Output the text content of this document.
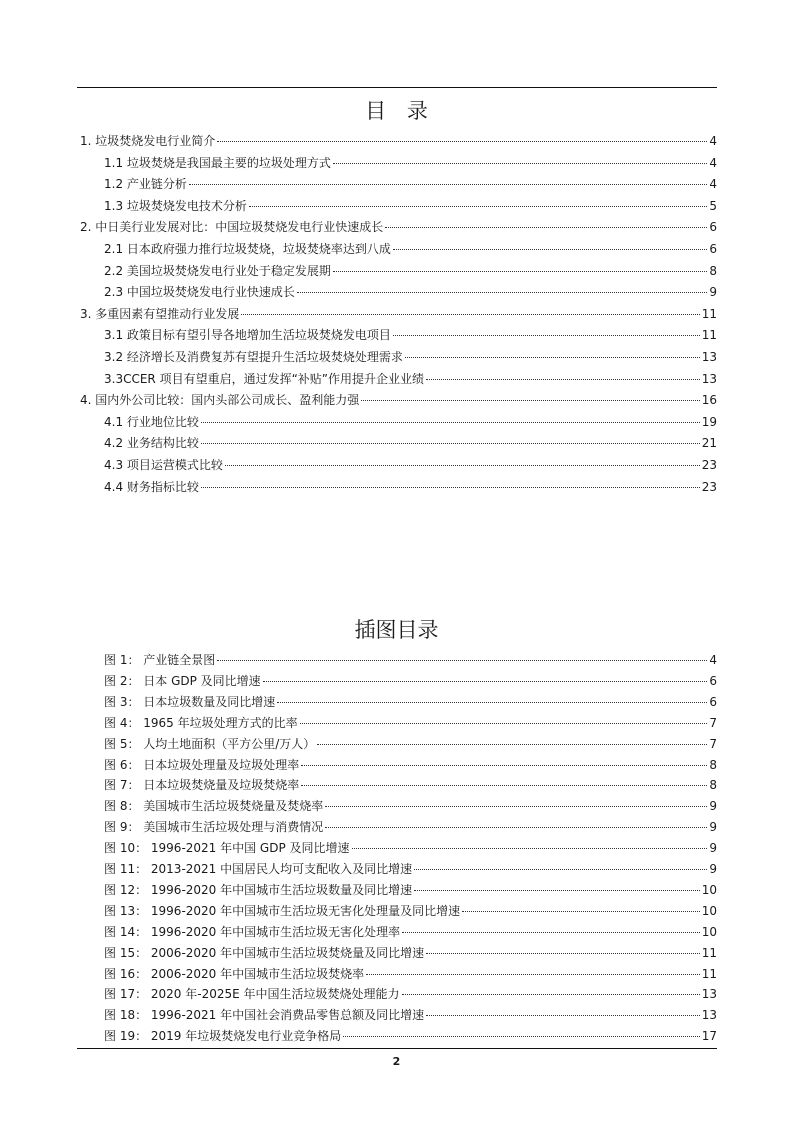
目 录
1. 垃圾焚烧发电行业简介	4
1.1 垃圾焚烧是我国最主要的垃圾处理方式	4
1.2 产业链分析	4
1.3 垃圾焚烧发电技术分析	5
2. 中日美行业发展对比：中国垃圾焚烧发电行业快速成长	6
2.1 日本政府强力推行垃圾焚烧，垃圾焚烧率达到八成	6
2.2 美国垃圾焚烧发电行业处于稳定发展期	8
2.3 中国垃圾焚烧发电行业快速成长	9
3. 多重因素有望推动行业发展	11
3.1 政策目标有望引导各地增加生活垃圾焚烧发电项目	11
3.2 经济增长及消费复苏有望提升生活垃圾焚烧处理需求	13
3.3CCER 项目有望重启，通过发挥“补贴”作用提升企业业绩	13
4. 国内外公司比较：国内头部公司成长、盈利能力强	16
4.1 行业地位比较	19
4.2 业务结构比较	21
4.3 项目运营模式比较	23
4.4 财务指标比较	23
插图目录
图 1： 产业链全景图	4
图 2： 日本 GDP 及同比增速	6
图 3： 日本垃圾数量及同比增速	6
图 4： 1965 年垃圾处理方式的比率	7
图 5： 人均土地面积（平方公里/万人）	7
图 6： 日本垃圾处理量及垃圾处理率	8
图 7： 日本垃圾焚烧量及垃圾焚烧率	8
图 8： 美国城市生活垃圾焚烧量及焚烧率	9
图 9： 美国城市生活垃圾处理与消费情况	9
图 10： 1996-2021 年中国 GDP 及同比增速	9
图 11： 2013-2021 中国居民人均可支配收入及同比增速	9
图 12： 1996-2020 年中国城市生活垃圾数量及同比增速	10
图 13： 1996-2020 年中国城市生活垃圾无害化处理量及同比增速	10
图 14： 1996-2020 年中国城市生活垃圾无害化处理率	10
图 15： 2006-2020 年中国城市生活垃圾焚烧量及同比增速	11
图 16： 2006-2020 年中国城市生活垃圾焚烧率	11
图 17： 2020 年-2025E 年中国生活垃圾焚烧处理能力	13
图 18： 1996-2021 年中国社会消费品零售总额及同比增速	13
图 19： 2019 年垃圾焚烧发电行业竞争格局	17
2
